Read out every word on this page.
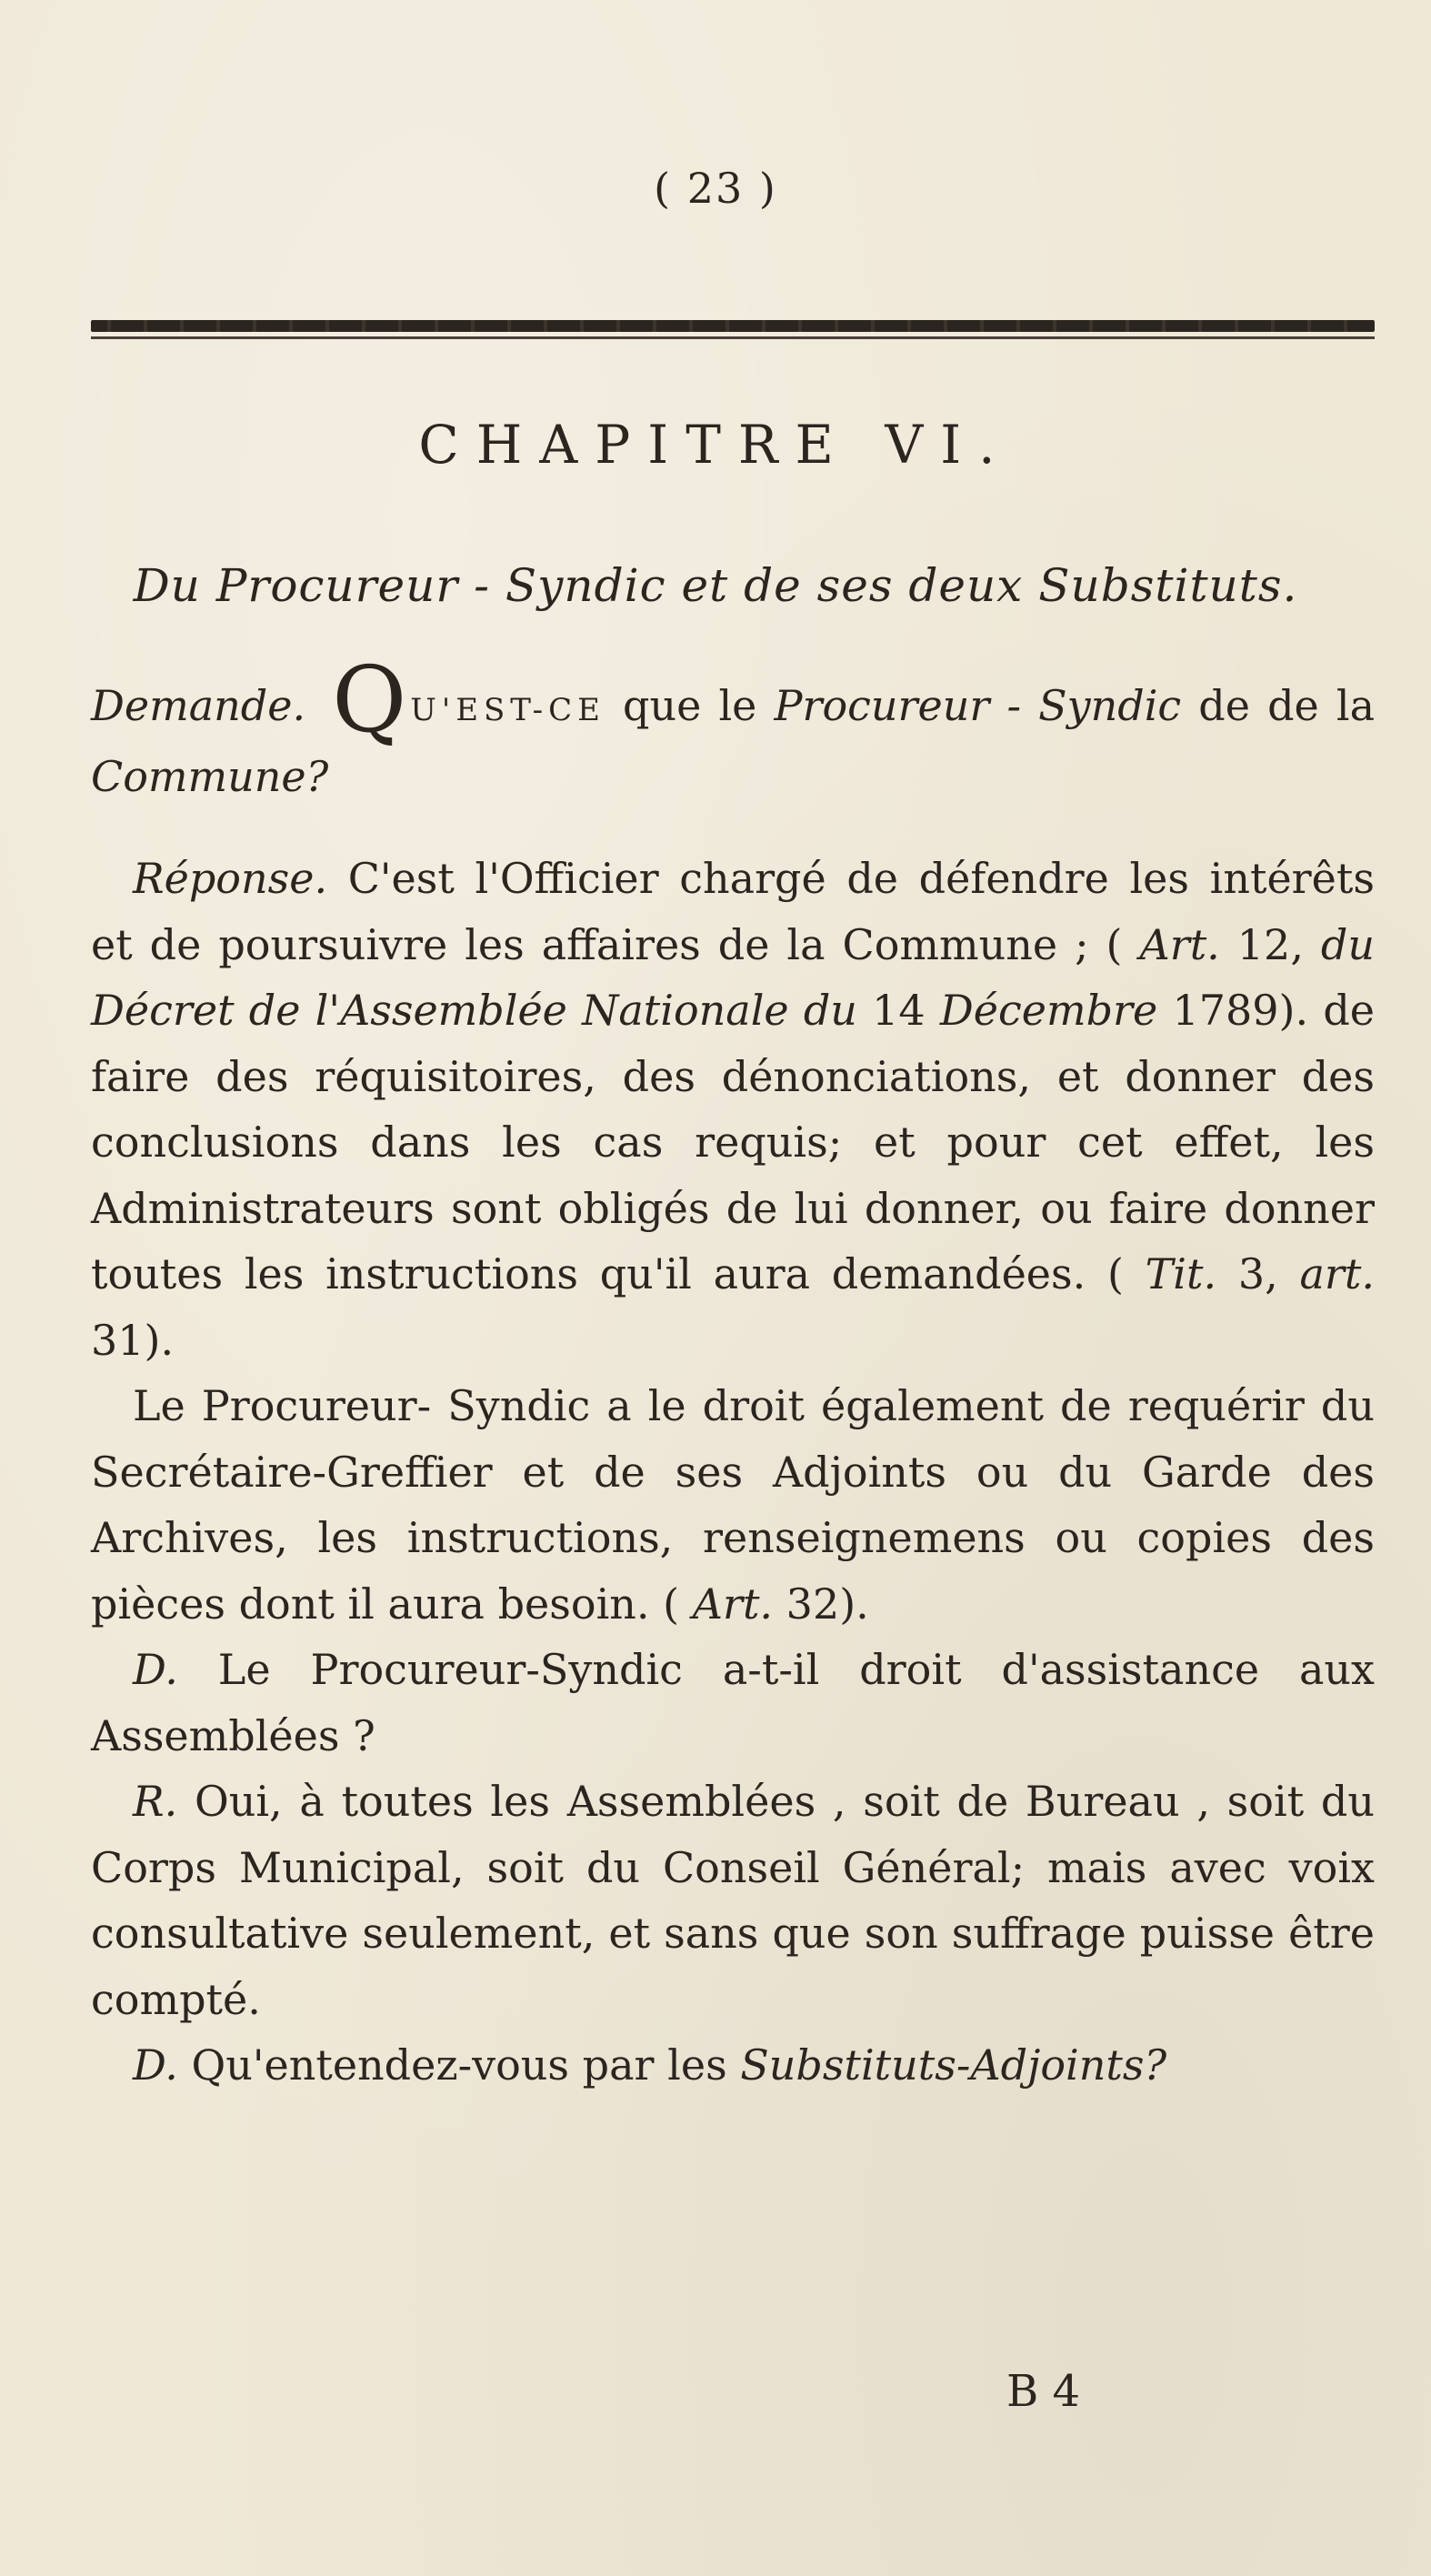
( 23 )
CHAPITRE VI.
Du Procureur - Syndic et de ses deux Substituts.

Demande. Q U'EST-CE que le Procureur - Syndic de de la Commune?

Réponse. C'est l'Officier chargé de défendre les intérêts et de poursuivre les affaires de la Commune ; ( Art. 12, du Décret de l'Assemblée Nationale du 14 Décembre 1789). de faire des réquisitoires, des dénonciations, et donner des conclusions dans les cas requis; et pour cet effet, les Administrateurs sont obligés de lui donner, ou faire donner toutes les instructions qu'il aura demandées. ( Tit. 3, art. 31).

Le Procureur- Syndic a le droit également de requérir du Secrétaire-Greffier et de ses Adjoints ou du Garde des Archives, les instructions, renseignemens ou copies des pièces dont il aura besoin. ( Art. 32).

D. Le Procureur-Syndic a-t-il droit d'assistance aux Assemblées ?

R. Oui, à toutes les Assemblées , soit de Bureau , soit du Corps Municipal, soit du Conseil Général; mais avec voix consultative seulement, et sans que son suffrage puisse être compté.

D. Qu'entendez-vous par les Substituts-Adjoints?

B 4
